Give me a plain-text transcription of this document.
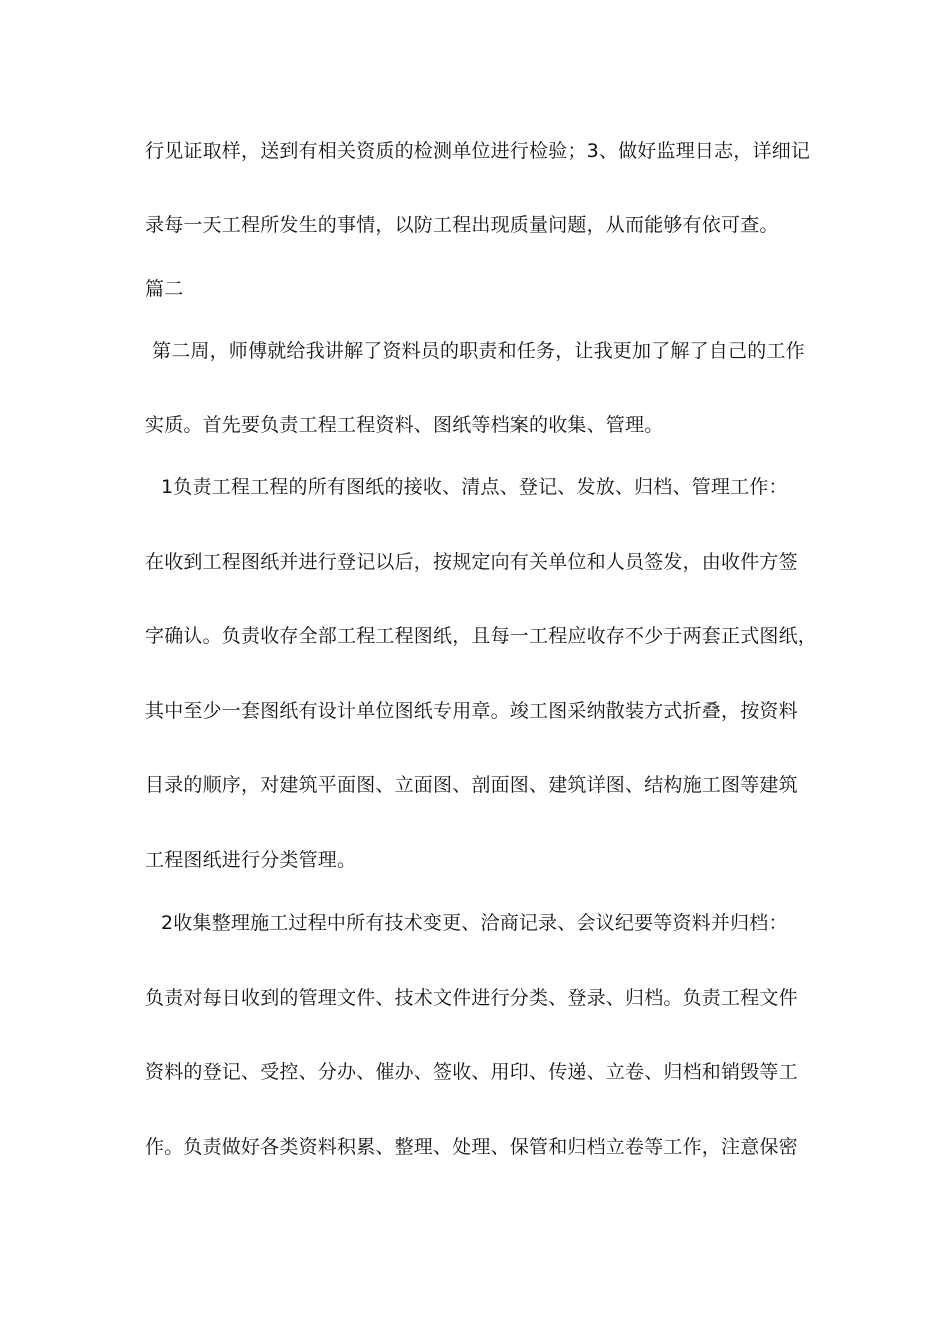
行见证取样，送到有相关资质的检测单位进行检验；3、做好监理日志，详细记
录每一天工程所发生的事情，以防工程出现质量问题，从而能够有依可查。
篇二
第二周，师傅就给我讲解了资料员的职责和任务，让我更加了解了自己的工作
实质。首先要负责工程工程资料、图纸等档案的收集、管理。
1负责工程工程的所有图纸的接收、清点、登记、发放、归档、管理工作：
在收到工程图纸并进行登记以后，按规定向有关单位和人员签发，由收件方签
字确认。负责收存全部工程工程图纸，且每一工程应收存不少于两套正式图纸，
其中至少一套图纸有设计单位图纸专用章。竣工图采纳散装方式折叠，按资料
目录的顺序，对建筑平面图、立面图、剖面图、建筑详图、结构施工图等建筑
工程图纸进行分类管理。
2收集整理施工过程中所有技术变更、洽商记录、会议纪要等资料并归档：
负责对每日收到的管理文件、技术文件进行分类、登录、归档。负责工程文件
资料的登记、受控、分办、催办、签收、用印、传递、立卷、归档和销毁等工
作。负责做好各类资料积累、整理、处理、保管和归档立卷等工作，注意保密
